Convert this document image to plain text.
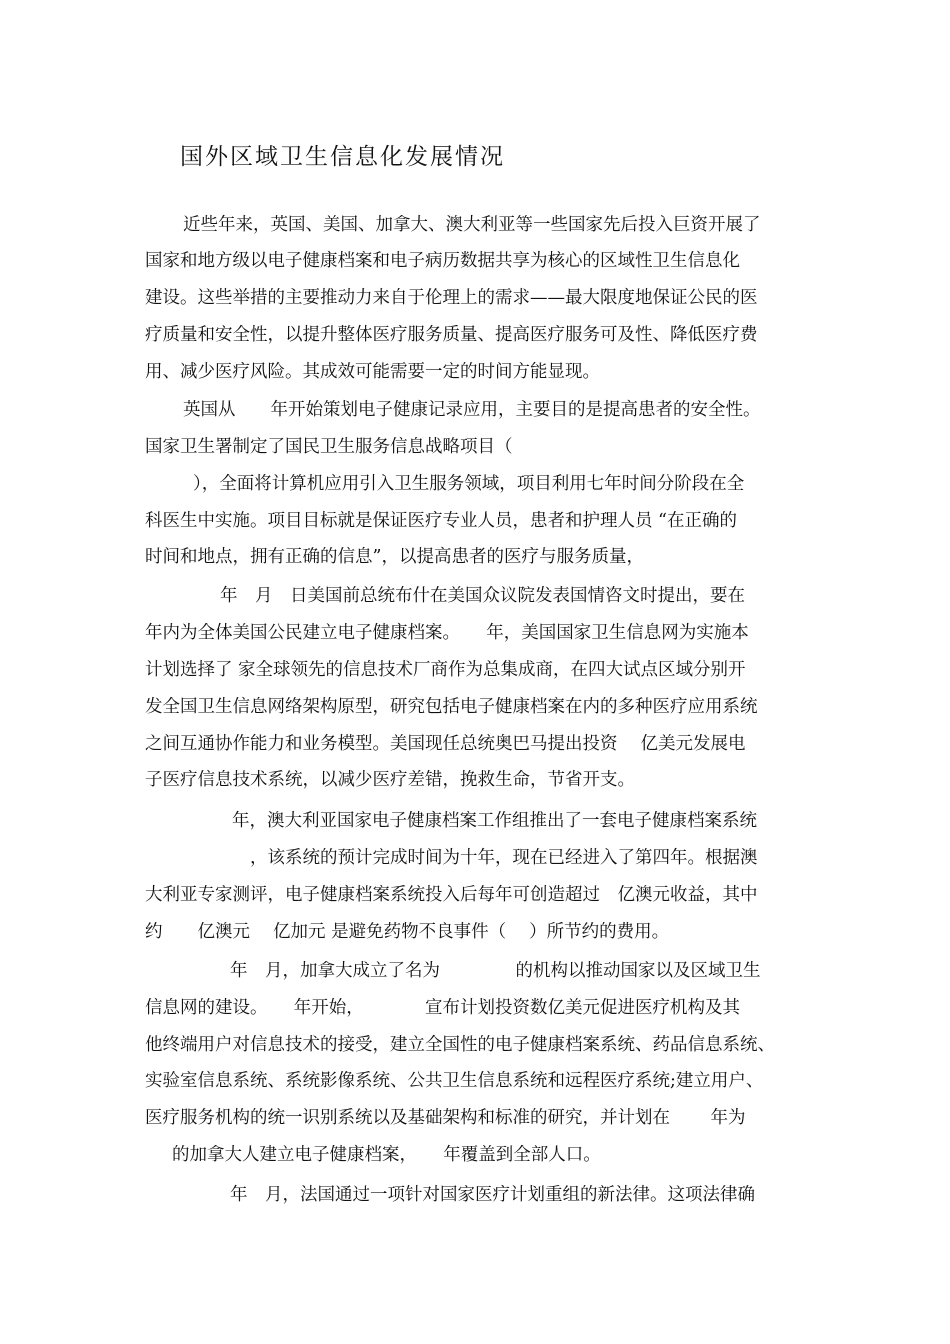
国外区域卫生信息化发展情况
近些年来，英国、美国、加拿大、澳大利亚等一些国家先后投入巨资开展了
国家和地方级以电子健康档案和电子病历数据共享为核心的区域性卫生信息化
建设。这些举措的主要推动力来自于伦理上的需求——最大限度地保证公民的医
疗质量和安全性，以提升整体医疗服务质量、提高医疗服务可及性、降低医疗费
用、减少医疗风险。其成效可能需要一定的时间方能显现。
英国从　　年开始策划电子健康记录应用，主要目的是提高患者的安全性。
国家卫生署制定了国民卫生服务信息战略项目（
），全面将计算机应用引入卫生服务领域，项目利用七年时间分阶段在全
科医生中实施。项目目标就是保证医疗专业人员，患者和护理人员 “在正确的
时间和地点，拥有正确的信息”，以提高患者的医疗与服务质量，
年　月　日美国前总统布什在美国众议院发表国情咨文时提出，要在
年内为全体美国公民建立电子健康档案。　　年，美国国家卫生信息网为实施本
计划选择了 家全球领先的信息技术厂商作为总集成商，在四大试点区域分别开
发全国卫生信息网络架构原型，研究包括电子健康档案在内的多种医疗应用系统
之间互通协作能力和业务模型。美国现任总统奥巴马提出投资　 亿美元发展电
子医疗信息技术系统，以减少医疗差错，挽救生命，节省开支。
年，澳大利亚国家电子健康档案工作组推出了一套电子健康档案系统
，该系统的预计完成时间为十年，现在已经进入了第四年。根据澳
大利亚专家测评，电子健康档案系统投入后每年可创造超过　亿澳元收益，其中
约　　亿澳元　 亿加元 是避免药物不良事件（　 ）所节约的费用。
年　月，加拿大成立了名为　　　　 的机构以推动国家以及区域卫生
信息网的建设。　　年开始，　　　　宣布计划投资数亿美元促进医疗机构及其
他终端用户对信息技术的接受，建立全国性的电子健康档案系统、药品信息系统、
实验室信息系统、系统影像系统、公共卫生信息系统和远程医疗系统;建立用户、
医疗服务机构的统一识别系统以及基础架构和标准的研究，并计划在　　 年为
的加拿大人建立电子健康档案，　　年覆盖到全部人口。
年　月，法国通过一项针对国家医疗计划重组的新法律。这项法律确
